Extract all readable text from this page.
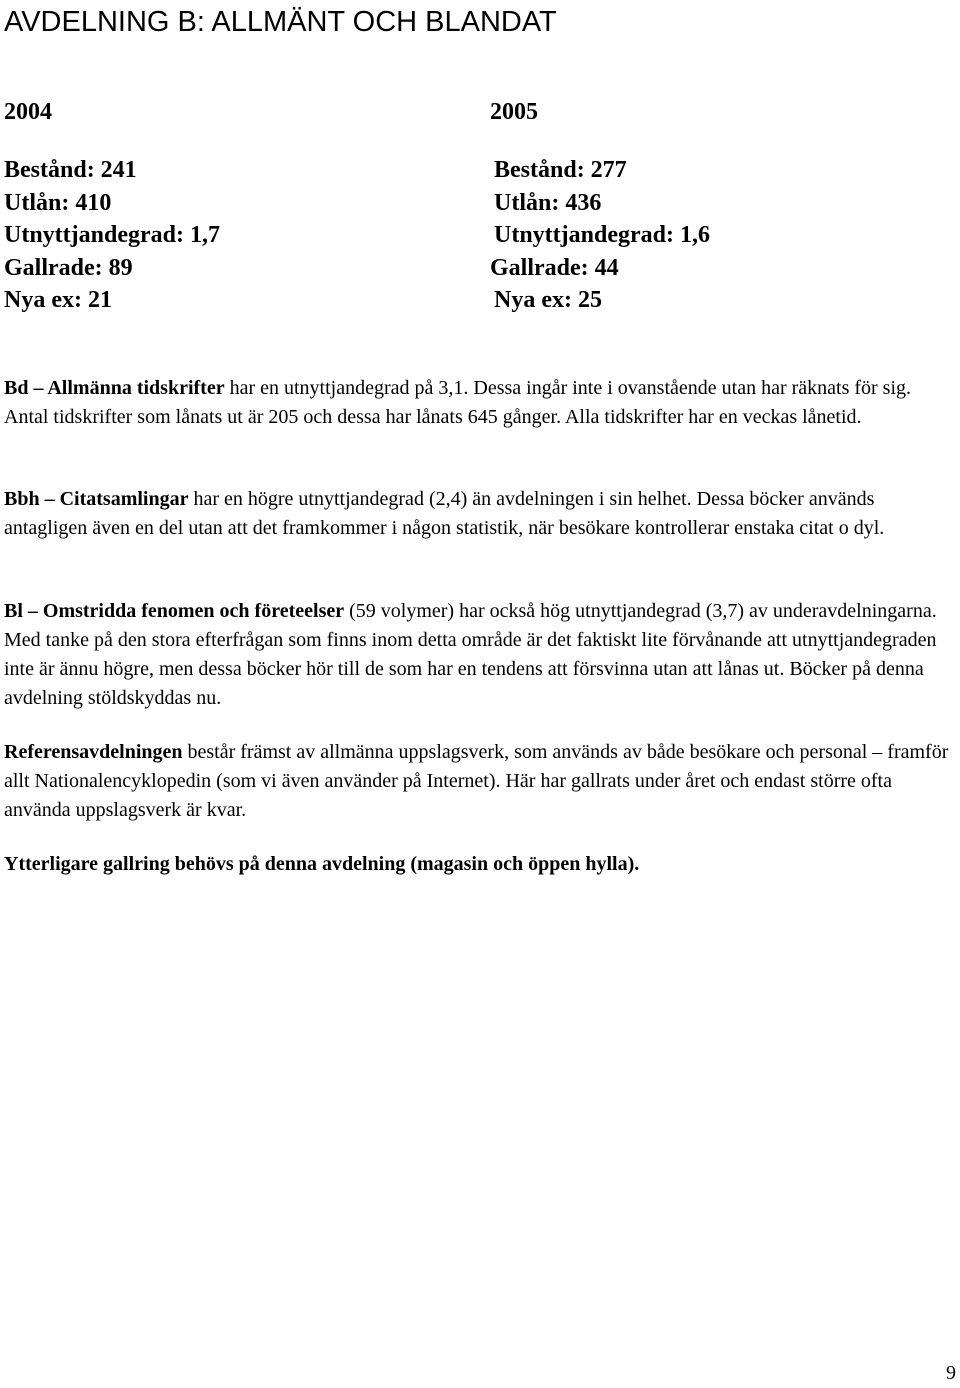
AVDELNING B: ALLMÄNT OCH BLANDAT
2004
Bestånd: 241
Utlån: 410
Utnyttjandegrad: 1,7
Gallrade: 89
Nya ex: 21
2005
Bestånd: 277
Utlån: 436
Utnyttjandegrad: 1,6
Gallrade: 44
Nya ex: 25

Bd – Allmänna tidskrifter har en utnyttjandegrad på 3,1. Dessa ingår inte i ovanstående utan har räknats för sig. Antal tidskrifter som lånats ut är 205 och dessa har lånats 645 gånger. Alla tidskrifter har en veckas lånetid.

Bbh – Citatsamlingar har en högre utnyttjandegrad (2,4) än avdelningen i sin helhet. Dessa böcker används antagligen även en del utan att det framkommer i någon statistik, när besökare kontrollerar enstaka citat o dyl.

Bl – Omstridda fenomen och företeelser (59 volymer) har också hög utnyttjandegrad (3,7) av underavdelningarna. Med tanke på den stora efterfrågan som finns inom detta område är det faktiskt lite förvånande att utnyttjandegraden inte är ännu högre, men dessa böcker hör till de som har en tendens att försvinna utan att lånas ut. Böcker på denna avdelning stöldskyddas nu.

Referensavdelningen består främst av allmänna uppslagsverk, som används av både besökare och personal – framför allt Nationalencyklopedin (som vi även använder på Internet). Här har gallrats under året och endast större ofta använda uppslagsverk är kvar.

Ytterligare gallring behövs på denna avdelning (magasin och öppen hylla).

9
